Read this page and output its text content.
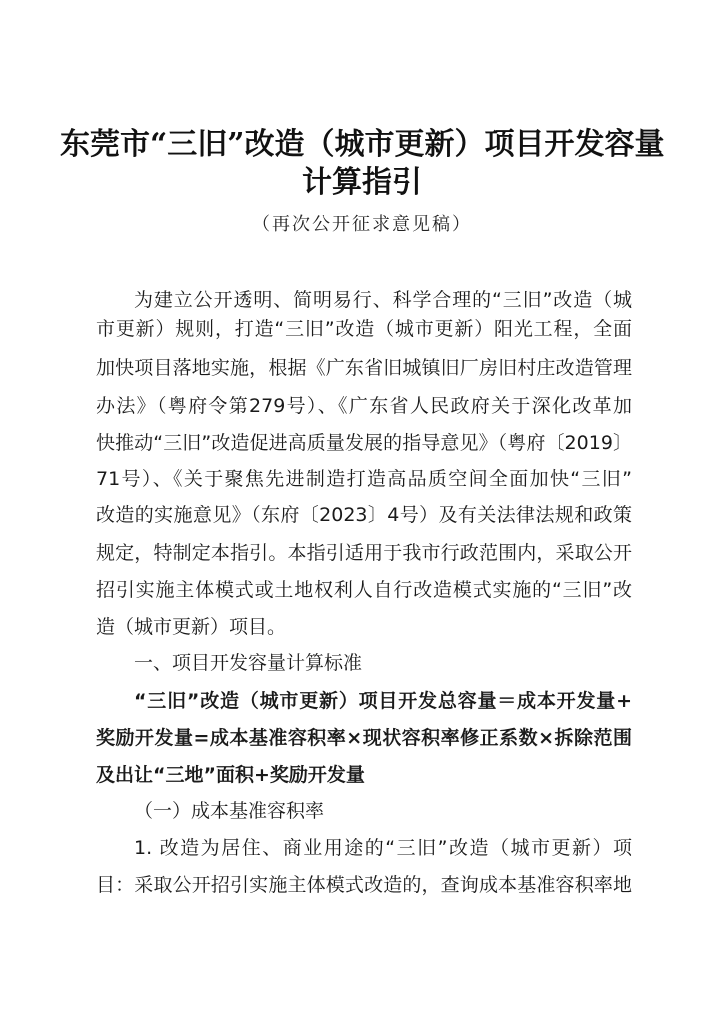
东莞市“三旧”改造（城市更新）项目开发容量
计算指引
（再次公开征求意见稿）
为建立公开透明、简明易行、科学合理的“三旧”改造（城
市更新）规则，打造“三旧”改造（城市更新）阳光工程，全面
加快项目落地实施，根据《广东省旧城镇旧厂房旧村庄改造管理
办法》（粤府令第279号）、《广东省人民政府关于深化改革加
快推动“三旧”改造促进高质量发展的指导意见》（粤府〔2019〕
71号）、《关于聚焦先进制造打造高品质空间全面加快“三旧”
改造的实施意见》（东府〔2023〕4号）及有关法律法规和政策
规定，特制定本指引。本指引适用于我市行政范围内，采取公开
招引实施主体模式或土地权利人自行改造模式实施的“三旧”改
造（城市更新）项目。
一、项目开发容量计算标准
“三旧”改造（城市更新）项目开发总容量＝成本开发量+
奖励开发量=成本基准容积率×现状容积率修正系数×拆除范围
及出让“三地”面积+奖励开发量
（一）成本基准容积率
1. 改造为居住、商业用途的“三旧”改造（城市更新）项
目：采取公开招引实施主体模式改造的，查询成本基准容积率地
